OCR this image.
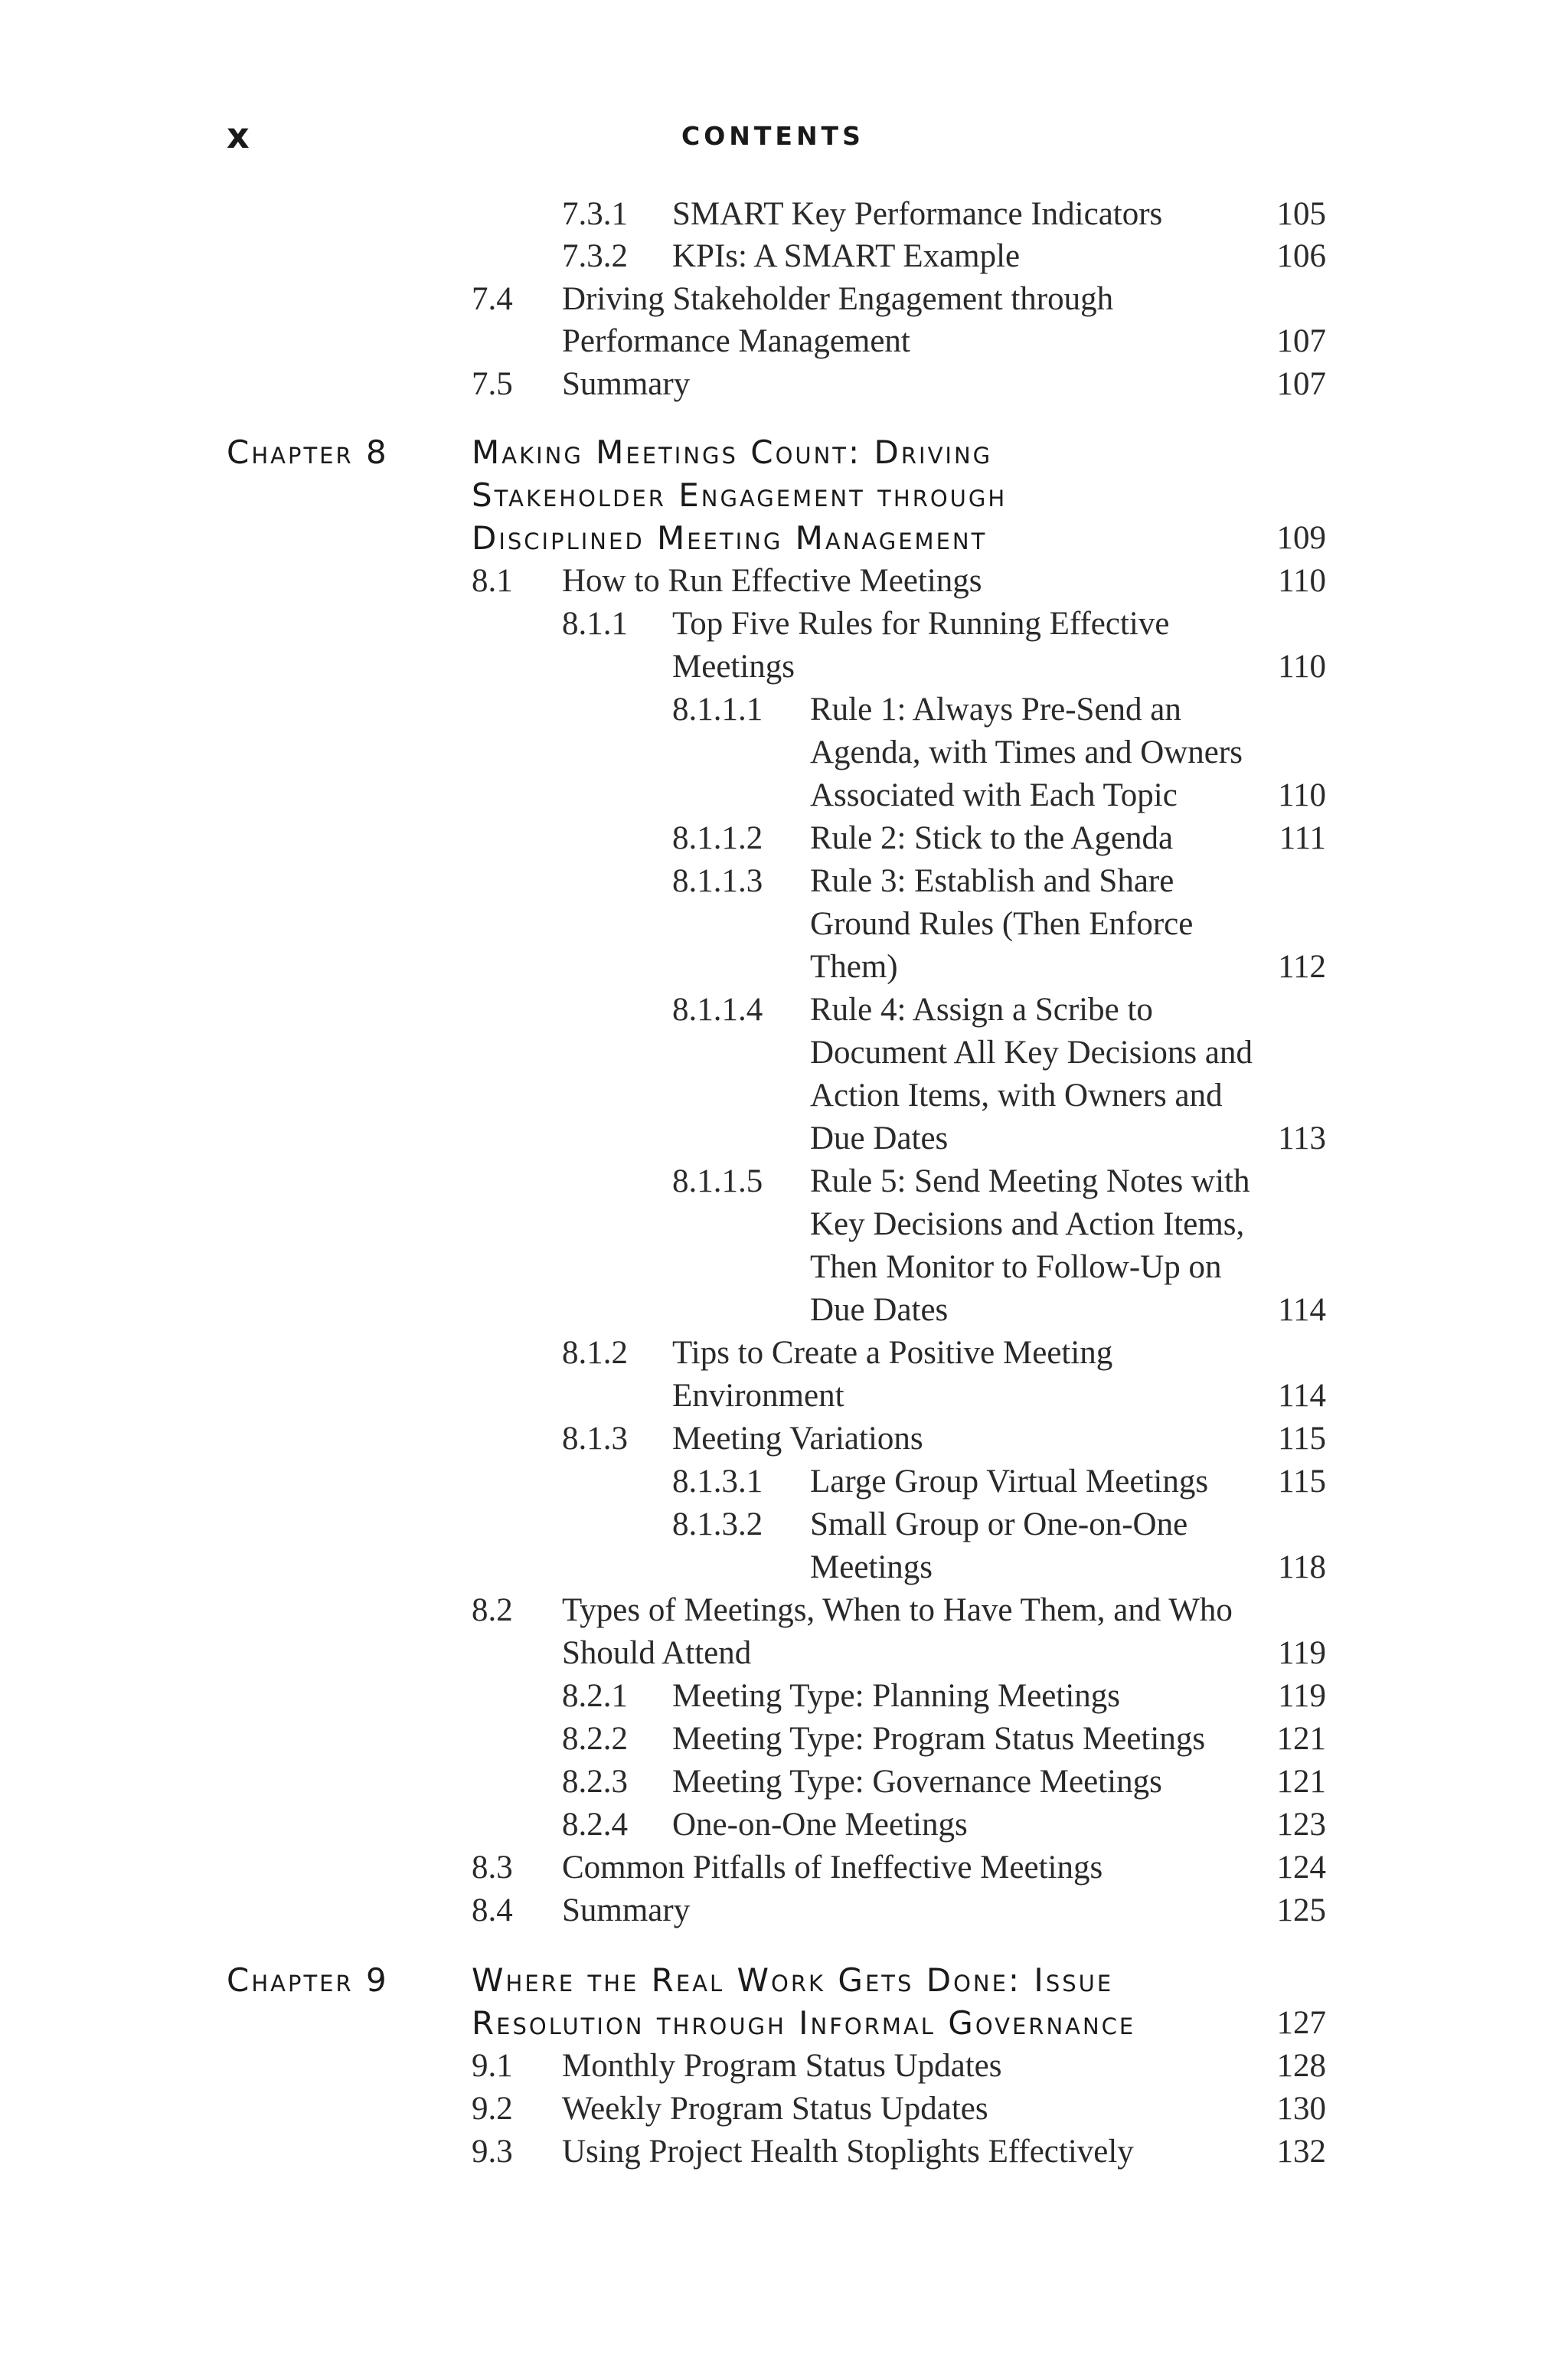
x	CONTENTS
7.3.1 SMART Key Performance Indicators	105
7.3.2 KPIs: A SMART Example	106
7.4 Driving Stakeholder Engagement through
Performance Management	107
7.5 Summary	107
Chapter 8	Making Meetings Count: Driving
Stakeholder Engagement through
Disciplined Meeting Management	109
8.1 How to Run Effective Meetings	110
8.1.1 Top Five Rules for Running Effective
Meetings	110
8.1.1.1 Rule 1: Always Pre-Send an
Agenda, with Times and Owners
Associated with Each Topic	110
8.1.1.2 Rule 2: Stick to the Agenda	111
8.1.1.3 Rule 3: Establish and Share
Ground Rules (Then Enforce
Them)	112
8.1.1.4 Rule 4: Assign a Scribe to
Document All Key Decisions and
Action Items, with Owners and
Due Dates	113
8.1.1.5 Rule 5: Send Meeting Notes with
Key Decisions and Action Items,
Then Monitor to Follow-Up on
Due Dates	114
8.1.2 Tips to Create a Positive Meeting
Environment	114
8.1.3 Meeting Variations	115
8.1.3.1 Large Group Virtual Meetings 115
8.1.3.2 Small Group or One-on-One
Meetings	118
8.2 Types of Meetings, When to Have Them, and Who
Should Attend	119
8.2.1 Meeting Type: Planning Meetings	119
8.2.2 Meeting Type: Program Status Meetings 121
8.2.3 Meeting Type: Governance Meetings	121
8.2.4 One-on-One Meetings	123
8.3 Common Pitfalls of Ineffective Meetings	124
8.4 Summary	125
Chapter 9	Where the Real Work Gets Done: Issue
Resolution through Informal Governance	127
9.1 Monthly Program Status Updates	128
9.2 Weekly Program Status Updates	130
9.3 Using Project Health Stoplights Effectively	132
